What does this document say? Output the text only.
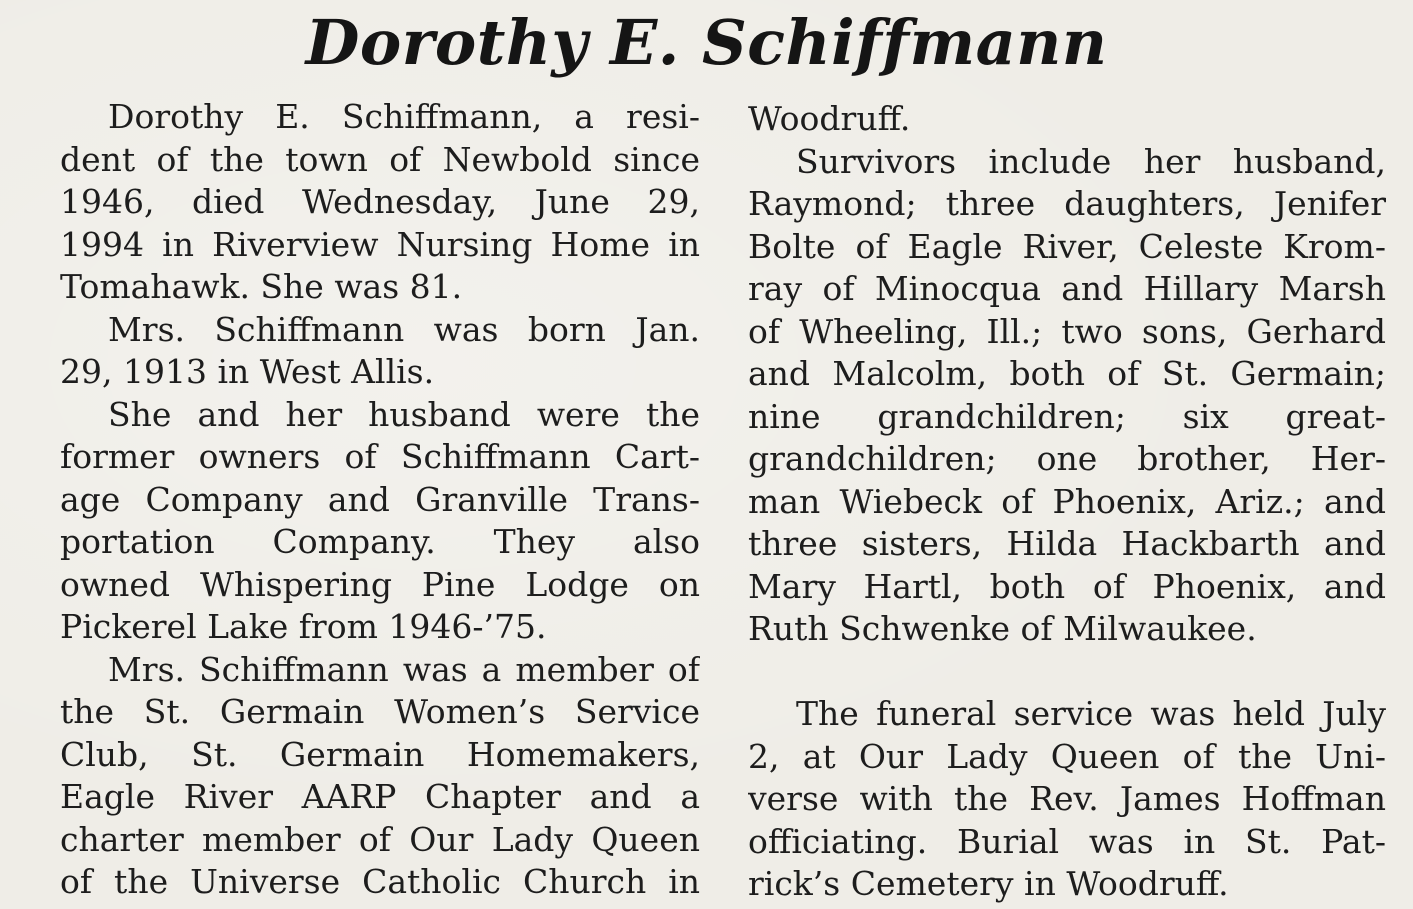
Dorothy E. Schiffmann
Dorothy E. Schiffmann, a resi-
dent of the town of Newbold since
1946, died Wednesday, June 29,
1994 in Riverview Nursing Home in
Tomahawk. She was 81.
Mrs. Schiffmann was born Jan.
29, 1913 in West Allis.
She and her husband were the
former owners of Schiffmann Cart-
age Company and Granville Trans-
portation Company. They also
owned Whispering Pine Lodge on
Pickerel Lake from 1946-’75.
Mrs. Schiffmann was a member of
the St. Germain Women’s Service
Club, St. Germain Homemakers,
Eagle River AARP Chapter and a
charter member of Our Lady Queen
of the Universe Catholic Church in
Woodruff.
Survivors include her husband,
Raymond; three daughters, Jenifer
Bolte of Eagle River, Celeste Krom-
ray of Minocqua and Hillary Marsh
of Wheeling, Ill.; two sons, Gerhard
and Malcolm, both of St. Germain;
nine grandchildren; six great-
grandchildren; one brother, Her-
man Wiebeck of Phoenix, Ariz.; and
three sisters, Hilda Hackbarth and
Mary Hartl, both of Phoenix, and
Ruth Schwenke of Milwaukee.
The funeral service was held July
2, at Our Lady Queen of the Uni-
verse with the Rev. James Hoffman
officiating. Burial was in St. Pat-
rick’s Cemetery in Woodruff.
